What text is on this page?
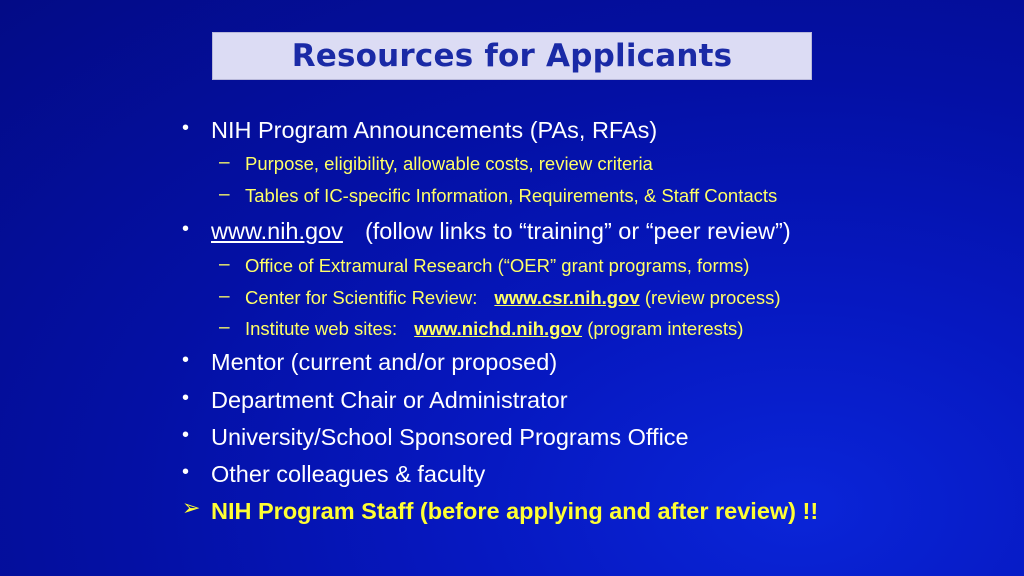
Resources for Applicants
• NIH Program Announcements (PAs, RFAs)
– Purpose, eligibility, allowable costs, review criteria
– Tables of IC-specific Information, Requirements, & Staff Contacts
• www.nih.gov (follow links to “training” or “peer review”)
– Office of Extramural Research (“OER” grant programs, forms)
– Center for Scientific Review: www.csr.nih.gov (review process)
– Institute web sites: www.nichd.nih.gov (program interests)
• Mentor (current and/or proposed)
• Department Chair or Administrator
• University/School Sponsored Programs Office
• Other colleagues & faculty
➢ NIH Program Staff (before applying and after review) !!
